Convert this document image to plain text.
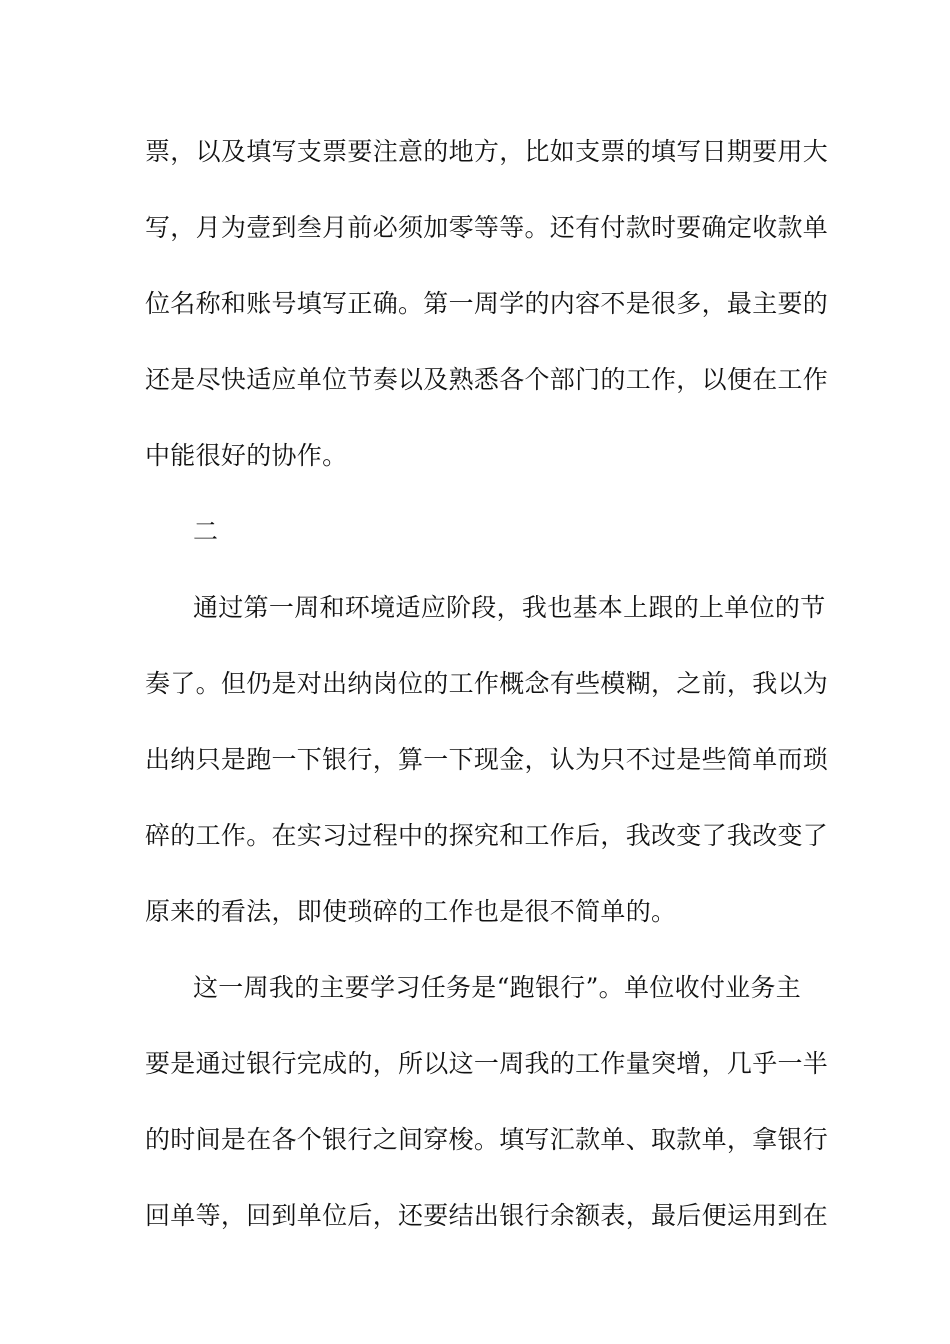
票，以及填写支票要注意的地方，比如支票的填写日期要用大
写，月为壹到叁月前必须加零等等。还有付款时要确定收款单
位名称和账号填写正确。第一周学的内容不是很多，最主要的
还是尽快适应单位节奏以及熟悉各个部门的工作，以便在工作
中能很好的协作。
二
通过第一周和环境适应阶段，我也基本上跟的上单位的节
奏了。但仍是对出纳岗位的工作概念有些模糊，之前，我以为
出纳只是跑一下银行，算一下现金，认为只不过是些简单而琐
碎的工作。在实习过程中的探究和工作后，我改变了我改变了
原来的看法，即使琐碎的工作也是很不简单的。
这一周我的主要学习任务是“跑银行”。单位收付业务主
要是通过银行完成的，所以这一周我的工作量突增，几乎一半
的时间是在各个银行之间穿梭。填写汇款单、取款单，拿银行
回单等，回到单位后，还要结出银行余额表，最后便运用到在
